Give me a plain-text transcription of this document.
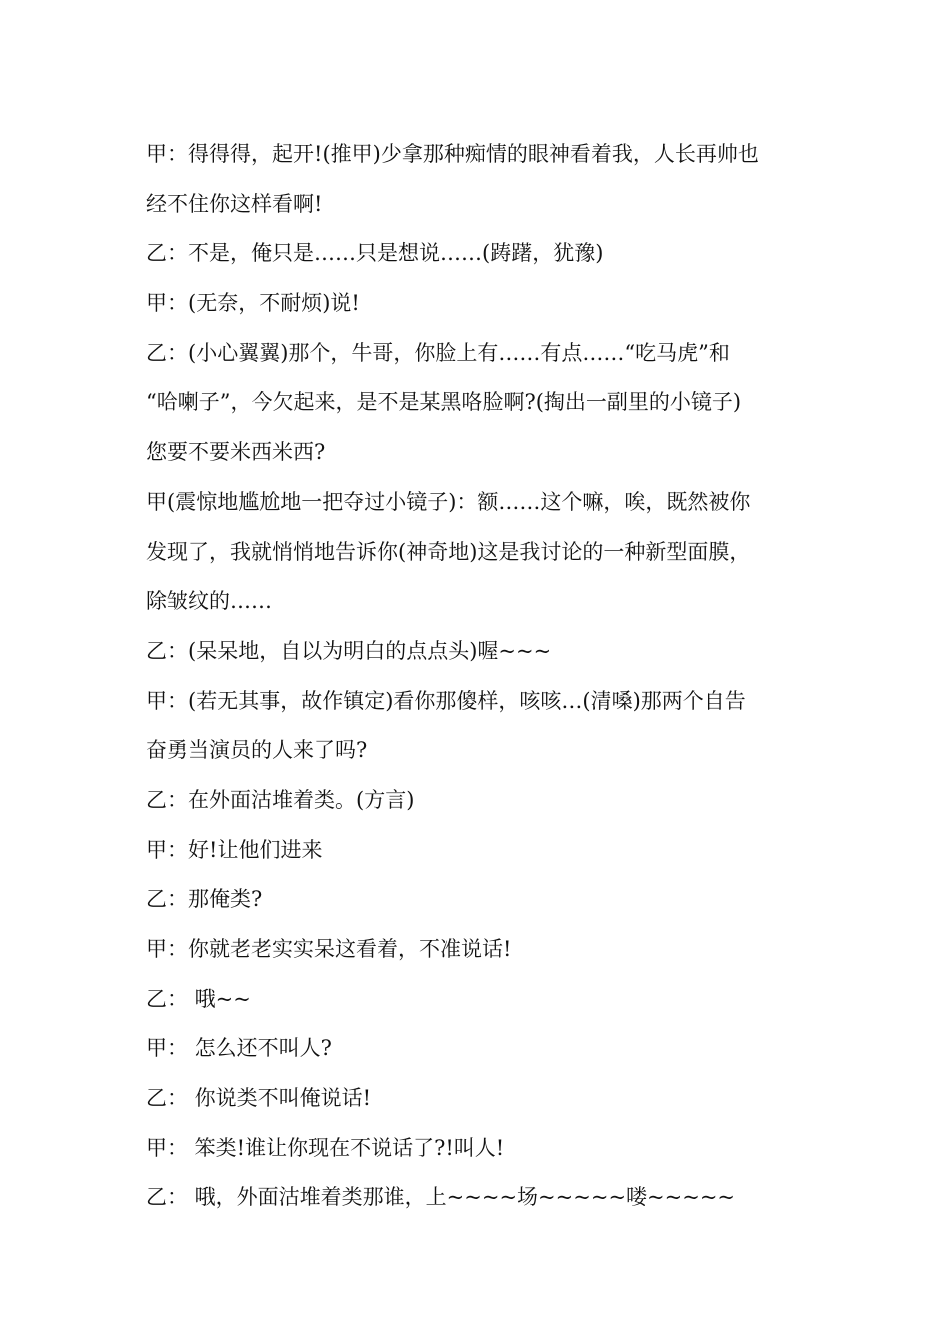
甲：得得得，起开!(推甲)少拿那种痴情的眼神看着我，人长再帅也

经不住你这样看啊!

乙：不是，俺只是……只是想说……(踌躇，犹豫)

甲：(无奈，不耐烦)说!

乙：(小心翼翼)那个，牛哥，你脸上有……有点……“吃马虎”和

“哈喇子”，今欠起来，是不是某黑咯脸啊?(掏出一副里的小镜子)

您要不要米西米西?

甲(震惊地尴尬地一把夺过小镜子)：额……这个嘛，唉，既然被你

发现了，我就悄悄地告诉你(神奇地)这是我讨论的一种新型面膜，

除皱纹的……

乙：(呆呆地，自以为明白的点点头)喔~~~

甲：(若无其事，故作镇定)看你那傻样，咳咳…(清嗓)那两个自告

奋勇当演员的人来了吗?

乙：在外面沽堆着类。(方言)

甲：好!让他们进来

乙：那俺类?

甲：你就老老实实呆这看着，不准说话!

乙： 哦~~

甲： 怎么还不叫人?

乙： 你说类不叫俺说话!

甲： 笨类!谁让你现在不说话了?!叫人!

乙： 哦，外面沽堆着类那谁，上~~~~场~~~~~喽~~~~~
